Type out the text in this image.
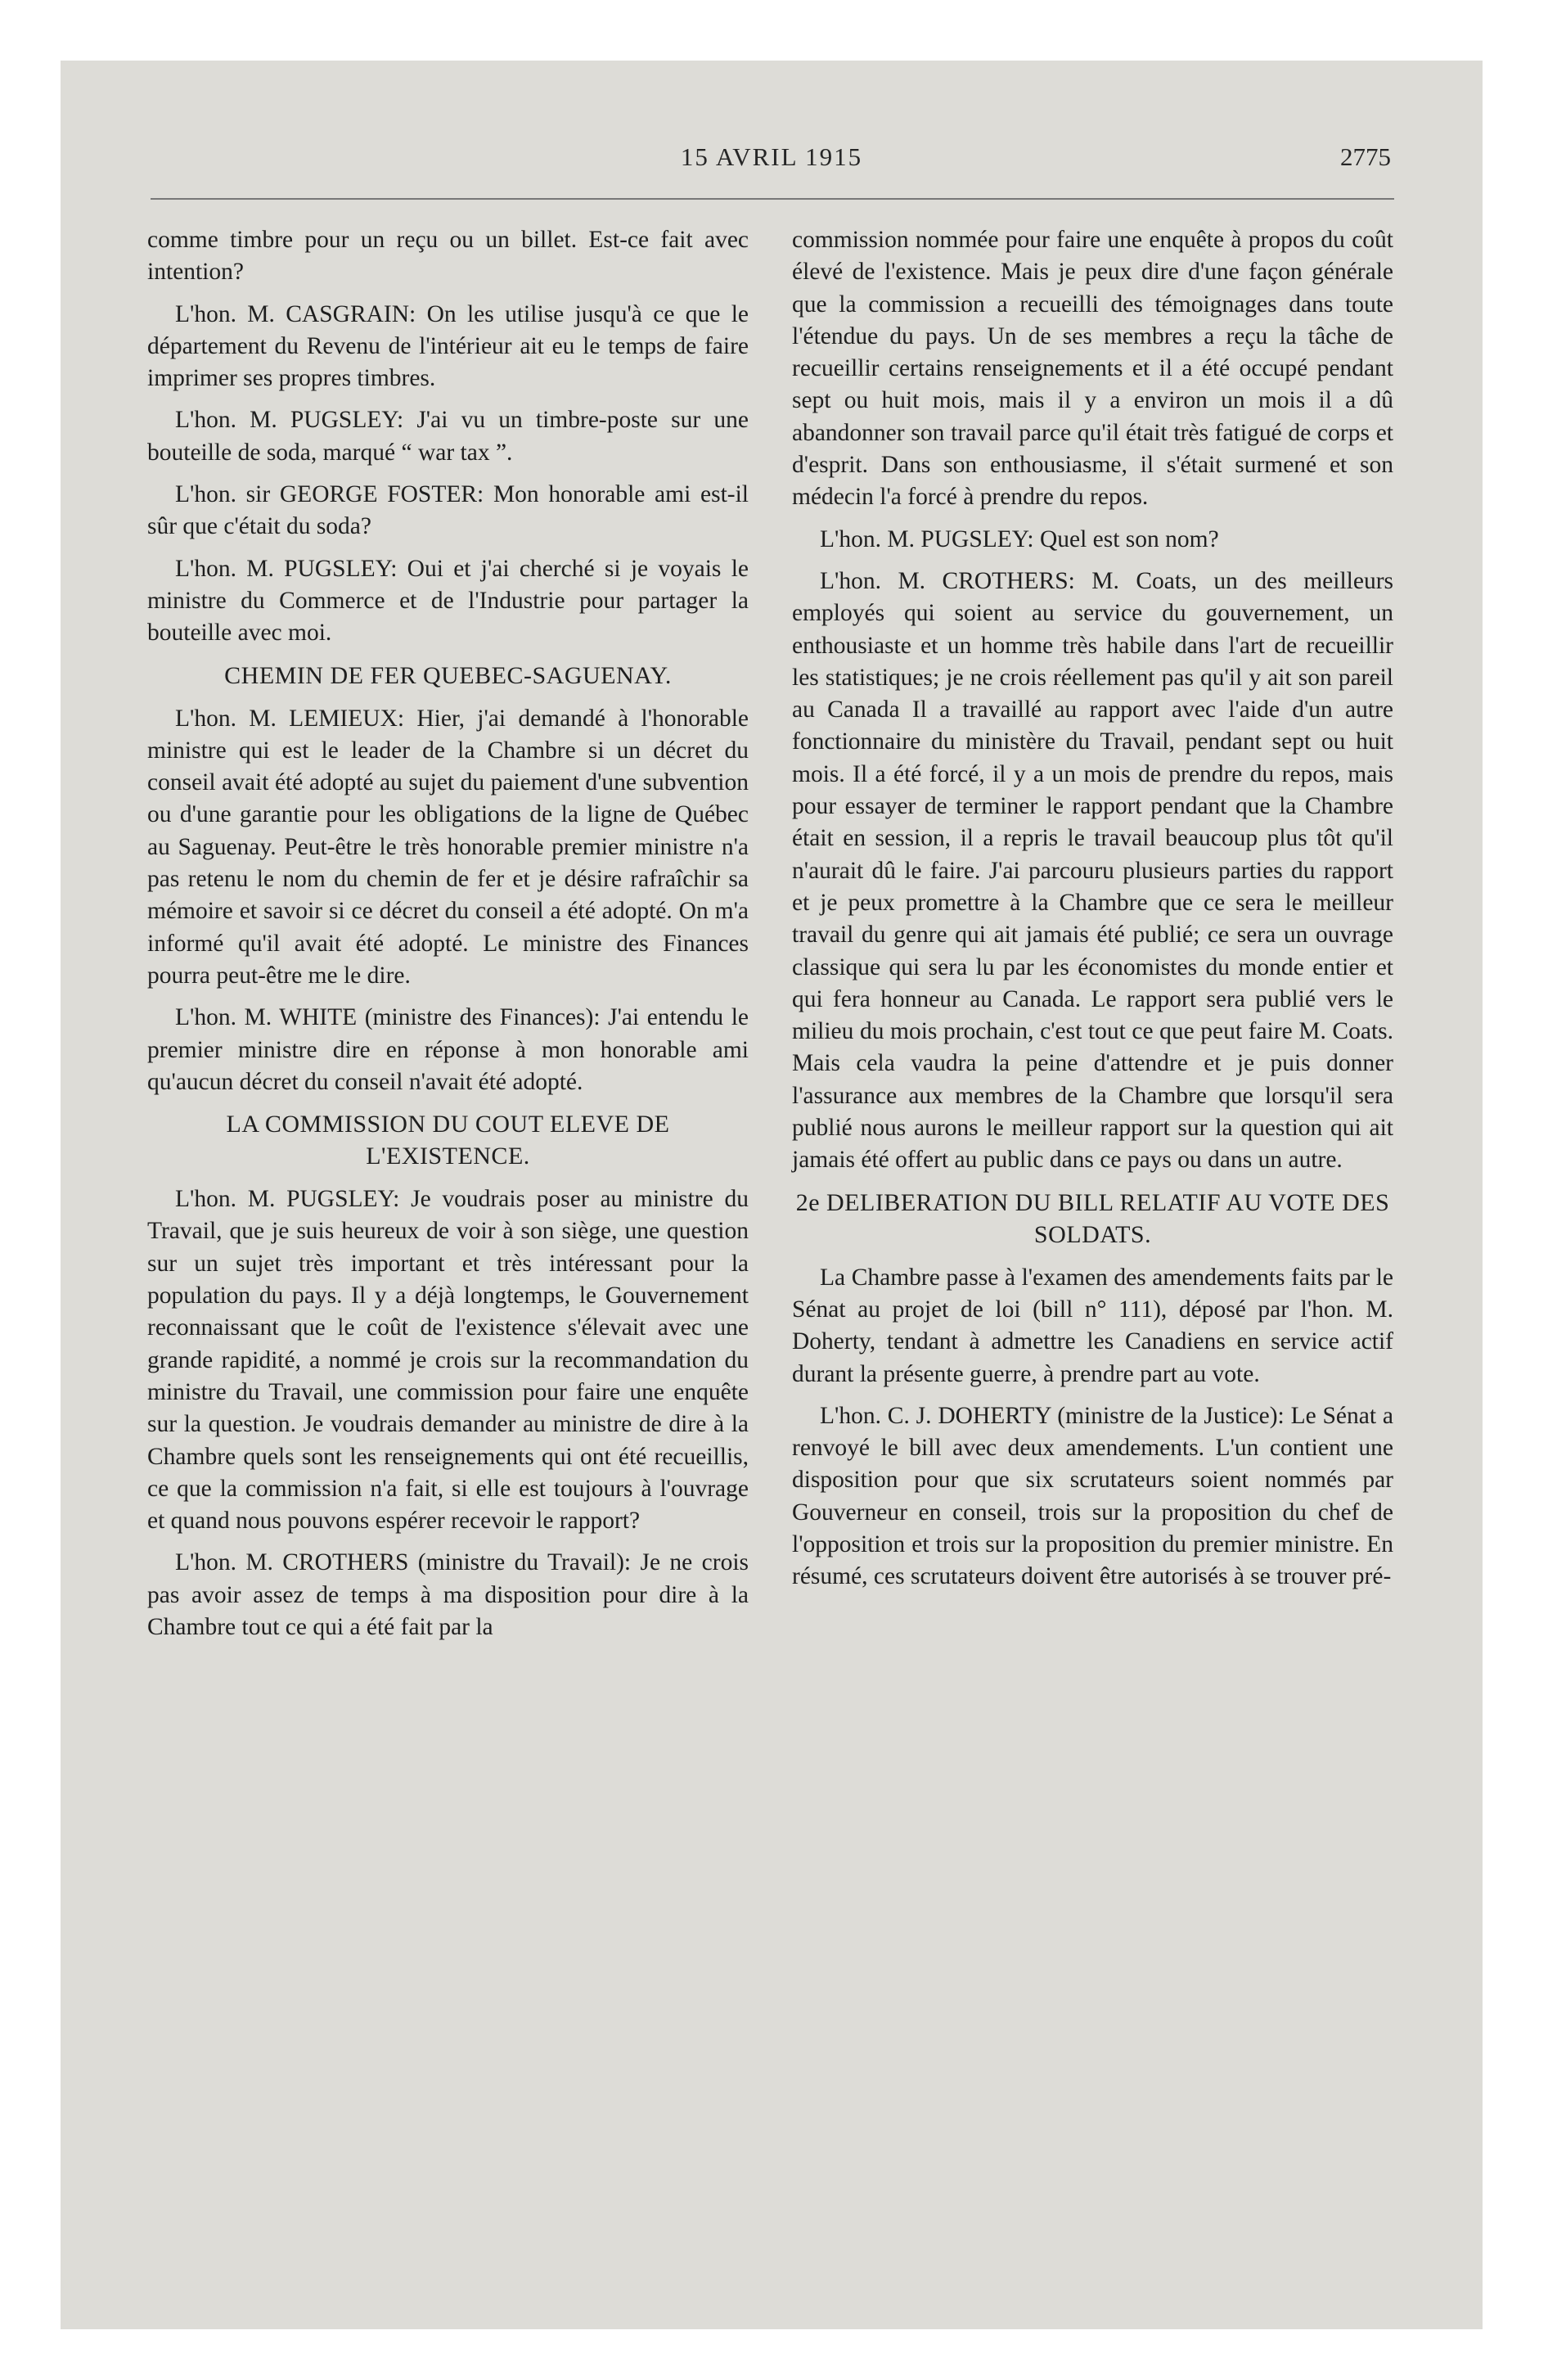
15 AVRIL 1915	2775

comme timbre pour un reçu ou un billet. Est-ce fait avec intention?

L'hon. M. CASGRAIN: On les utilise jusqu'à ce que le département du Revenu de l'intérieur ait eu le temps de faire imprimer ses propres timbres.

L'hon. M. PUGSLEY: J'ai vu un timbre-poste sur une bouteille de soda, marqué “ war tax ”.

L'hon. sir GEORGE FOSTER: Mon honorable ami est-il sûr que c'était du soda?

L'hon. M. PUGSLEY: Oui et j'ai cherché si je voyais le ministre du Commerce et de l'Industrie pour partager la bouteille avec moi.

CHEMIN DE FER QUEBEC-SAGUENAY.

L'hon. M. LEMIEUX: Hier, j'ai demandé à l'honorable ministre qui est le leader de la Chambre si un décret du conseil avait été adopté au sujet du paiement d'une subvention ou d'une garantie pour les obligations de la ligne de Québec au Saguenay. Peut-être le très honorable premier ministre n'a pas retenu le nom du chemin de fer et je désire rafraîchir sa mémoire et savoir si ce décret du conseil a été adopté. On m'a informé qu'il avait été adopté. Le ministre des Finances pourra peut-être me le dire.

L'hon. M. WHITE (ministre des Finances): J'ai entendu le premier ministre dire en réponse à mon honorable ami qu'aucun décret du conseil n'avait été adopté.

LA COMMISSION DU COUT ELEVE DE L'EXISTENCE.

L'hon. M. PUGSLEY: Je voudrais poser au ministre du Travail, que je suis heureux de voir à son siège, une question sur un sujet très important et très intéressant pour la population du pays. Il y a déjà longtemps, le Gouvernement reconnaissant que le coût de l'existence s'élevait avec une grande rapidité, a nommé je crois sur la recommandation du ministre du Travail, une commission pour faire une enquête sur la question. Je voudrais demander au ministre de dire à la Chambre quels sont les renseignements qui ont été recueillis, ce que la commission n'a fait, si elle est toujours à l'ouvrage et quand nous pouvons espérer recevoir le rapport?

L'hon. M. CROTHERS (ministre du Travail): Je ne crois pas avoir assez de temps à ma disposition pour dire à la Chambre tout ce qui a été fait par la

commission nommée pour faire une enquête à propos du coût élevé de l'existence. Mais je peux dire d'une façon générale que la commission a recueilli des témoignages dans toute l'étendue du pays. Un de ses membres a reçu la tâche de recueillir certains renseignements et il a été occupé pendant sept ou huit mois, mais il y a environ un mois il a dû abandonner son travail parce qu'il était très fatigué de corps et d'esprit. Dans son enthousiasme, il s'était surmené et son médecin l'a forcé à prendre du repos.

L'hon. M. PUGSLEY: Quel est son nom?

L'hon. M. CROTHERS: M. Coats, un des meilleurs employés qui soient au service du gouvernement, un enthousiaste et un homme très habile dans l'art de recueillir les statistiques; je ne crois réellement pas qu'il y ait son pareil au Canada Il a travaillé au rapport avec l'aide d'un autre fonctionnaire du ministère du Travail, pendant sept ou huit mois. Il a été forcé, il y a un mois de prendre du repos, mais pour essayer de terminer le rapport pendant que la Chambre était en session, il a repris le travail beaucoup plus tôt qu'il n'aurait dû le faire. J'ai parcouru plusieurs parties du rapport et je peux promettre à la Chambre que ce sera le meilleur travail du genre qui ait jamais été publié; ce sera un ouvrage classique qui sera lu par les économistes du monde entier et qui fera honneur au Canada. Le rapport sera publié vers le milieu du mois prochain, c'est tout ce que peut faire M. Coats. Mais cela vaudra la peine d'attendre et je puis donner l'assurance aux membres de la Chambre que lorsqu'il sera publié nous aurons le meilleur rapport sur la question qui ait jamais été offert au public dans ce pays ou dans un autre.

2e DELIBERATION DU BILL RELATIF AU VOTE DES SOLDATS.

La Chambre passe à l'examen des amendements faits par le Sénat au projet de loi (bill n° 111), déposé par l'hon. M. Doherty, tendant à admettre les Canadiens en service actif durant la présente guerre, à prendre part au vote.

L'hon. C. J. DOHERTY (ministre de la Justice): Le Sénat a renvoyé le bill avec deux amendements. L'un contient une disposition pour que six scrutateurs soient nommés par Gouverneur en conseil, trois sur la proposition du chef de l'opposition et trois sur la proposition du premier ministre. En résumé, ces scrutateurs doivent être autorisés à se trouver pré-
